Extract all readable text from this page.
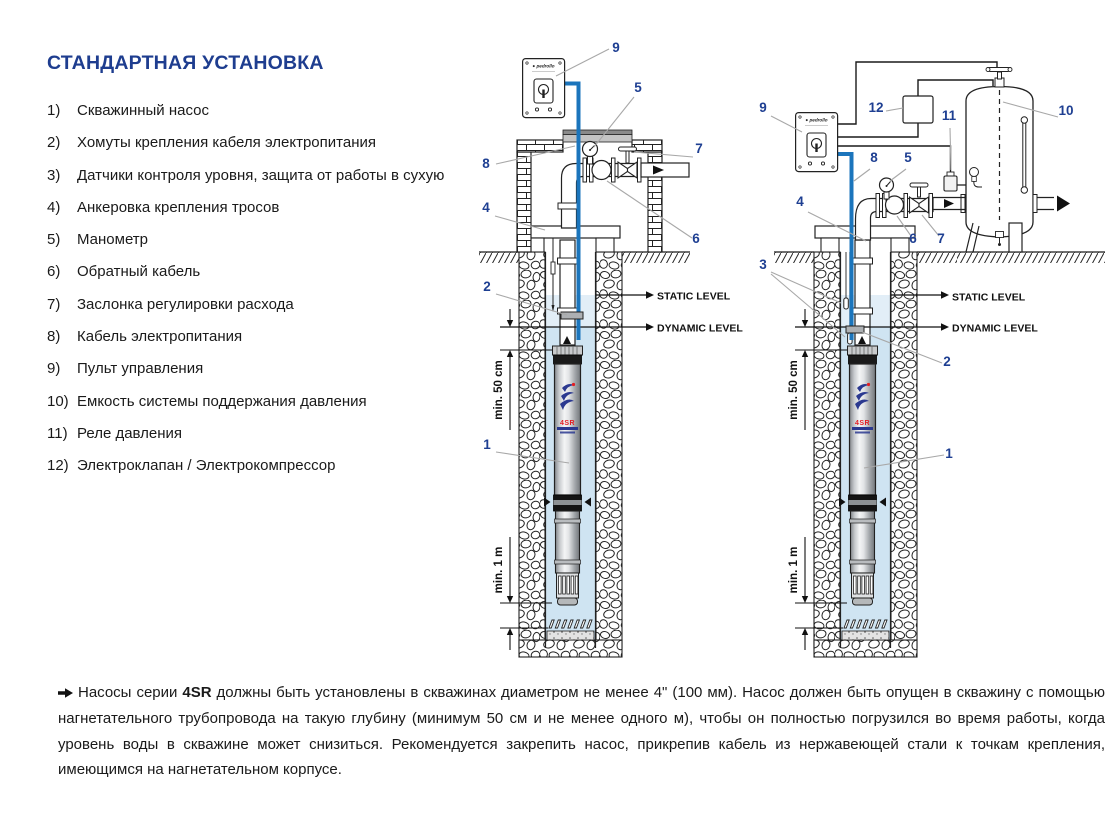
СТАНДАРТНАЯ УСТАНОВКА
1)	Скважинный насос
2)	Хомуты крепления кабеля электропитания
3)	Датчики контроля уровня, защита от работы в сухую
4)	Анкеровка крепления тросов
5)	Манометр
6)	Обратный кабель
7)	Заслонка регулировки расхода
8)	Кабель электропитания
9)	Пульт управления
10) Емкость системы поддержания давления
11) Реле давления
12) Электроклапан / Электрокомпрессор
● pedrollo
4SR
9
5
7
8
4
6
2
1
STATIC LEVEL
DYNAMIC LEVEL
min. 50 cm
min. 1 m
● pedrollo
4SR
9	12
11	10
8 5
4
6 7
3
2
1
STATIC LEVEL
DYNAMIC LEVEL
min. 50 cm
min. 1 m
Насосы серии 4SR должны быть установлены в скважинах диаметром не менее 4" (100 мм). Насос должен быть опущен в скважину с помощью нагнетательного трубопровода на такую глубину (минимум 50 см и не менее одного м), чтобы он полностью погрузился во время работы, когда уровень воды в скважине может снизиться. Рекомендуется закрепить насос, прикрепив кабель из нержавеющей стали к точкам крепления, имеющимся на нагнетательном корпусе.
